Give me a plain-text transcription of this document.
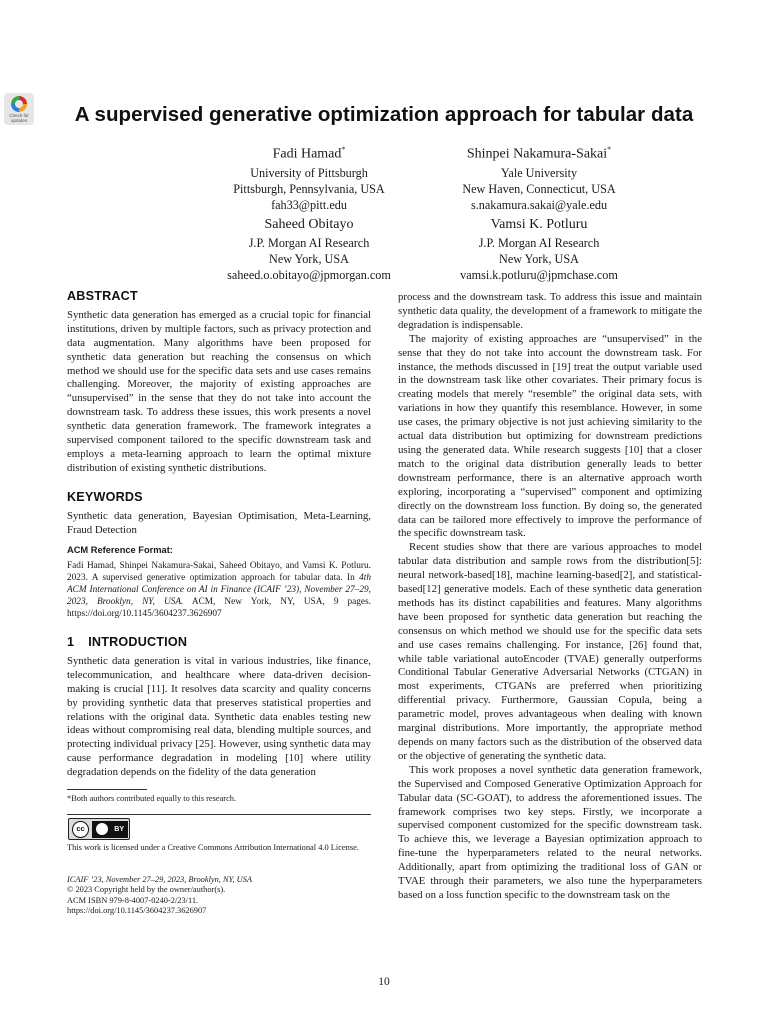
Check for updates	A supervised generative optimization approach for tabular data
Fadi Hamad*
University of Pittsburgh
Pittsburgh, Pennsylvania, USA
fah33@pitt.edu
Shinpei Nakamura-Sakai*
Yale University
New Haven, Connecticut, USA
s.nakamura.sakai@yale.edu
Saheed Obitayo
J.P. Morgan AI Research
New York, USA
saheed.o.obitayo@jpmorgan.com
Vamsi K. Potluru
J.P. Morgan AI Research
New York, USA
vamsi.k.potluru@jpmchase.com
ABSTRACT

Synthetic data generation has emerged as a crucial topic for financial institutions, driven by multiple factors, such as privacy protection and data augmentation. Many algorithms have been proposed for synthetic data generation but reaching the consensus on which method we should use for the specific data sets and use cases remains challenging. Moreover, the majority of existing approaches are “unsupervised” in the sense that they do not take into account the downstream task. To address these issues, this work presents a novel synthetic data generation framework. The framework integrates a supervised component tailored to the specific downstream task and employs a meta-learning approach to learn the optimal mixture distribution of existing synthetic distributions.

KEYWORDS

Synthetic data generation, Bayesian Optimisation, Meta-Learning, Fraud Detection

ACM Reference Format:

Fadi Hamad, Shinpei Nakamura-Sakai, Saheed Obitayo, and Vamsi K. Potluru. 2023. A supervised generative optimization approach for tabular data. In 4th ACM International Conference on AI in Finance (ICAIF ’23), November 27–29, 2023, Brooklyn, NY, USA. ACM, New York, NY, USA, 9 pages. https://doi.org/10.1145/3604237.3626907

1 INTRODUCTION

Synthetic data generation is vital in various industries, like finance, telecommunication, and healthcare where data-driven decision-making is crucial [11]. It resolves data scarcity and quality concerns by providing synthetic data that preserves statistical properties and relations with the original data. Synthetic data enables testing new ideas without compromising real data, blending multiple sources, and protecting individual privacy [25]. However, using synthetic data may cause performance degradation in modeling [10] where utility degradation depends on the fidelity of the data generation

*Both authors contributed equally to this research.
cc	BY
This work is licensed under a Creative Commons Attribution International 4.0 License.
ICAIF ’23, November 27–29, 2023, Brooklyn, NY, USA
© 2023 Copyright held by the owner/author(s).
ACM ISBN 979-8-4007-0240-2/23/11.
https://doi.org/10.1145/3604237.3626907

process and the downstream task. To address this issue and maintain synthetic data quality, the development of a framework to mitigate the degradation is indispensable.

The majority of existing approaches are “unsupervised” in the sense that they do not take into account the downstream task. For instance, the methods discussed in [19] treat the output variable used in the downstream task like other covariates. Their primary focus is creating models that merely “resemble” the original data sets, with variations in how they quantify this resemblance. However, in some use cases, the primary objective is not just achieving similarity to the actual data distribution but optimizing for downstream predictions using the generated data. While research suggests [10] that a closer match to the original data distribution generally leads to better downstream performance, there is an alternative approach worth exploring, incorporating a “supervised” component and optimizing directly on the downstream loss function. By doing so, the generated data can be tailored more effectively to improve the performance of the specific downstream task.

Recent studies show that there are various approaches to model tabular data distribution and sample rows from the distribution[5]: neural network-based[18], machine learning-based[2], and statistical-based[12] generative models. Each of these synthetic data generation methods has its distinct capabilities and features. Many algorithms have been proposed for synthetic data generation but reaching the consensus on which method we should use for the specific data sets and use cases remains challenging. For instance, [26] found that, while table variational autoEncoder (TVAE) generally outperforms Conditional Tabular Generative Adversarial Networks (CTGAN) in most experiments, CTGANs are preferred when prioritizing differential privacy. Furthermore, Gaussian Copula, being a parametric model, proves advantageous when dealing with known marginal distributions. More importantly, the appropriate method depends on many factors such as the distribution of the observed data or the objective of generating the synthetic data.

This work proposes a novel synthetic data generation framework, the Supervised and Composed Generative Optimization Approach for Tabular data (SC-GOAT), to address the aforementioned issues. The framework comprises two key steps. Firstly, we incorporate a supervised component customized for the specific downstream task. To achieve this, we leverage a Bayesian optimization approach to fine-tune the hyperparameters related to the neural networks. Additionally, apart from optimizing the traditional loss of GAN or TVAE through their parameters, we also tune the hyperparameters based on a loss function specific to the downstream task on the

10
